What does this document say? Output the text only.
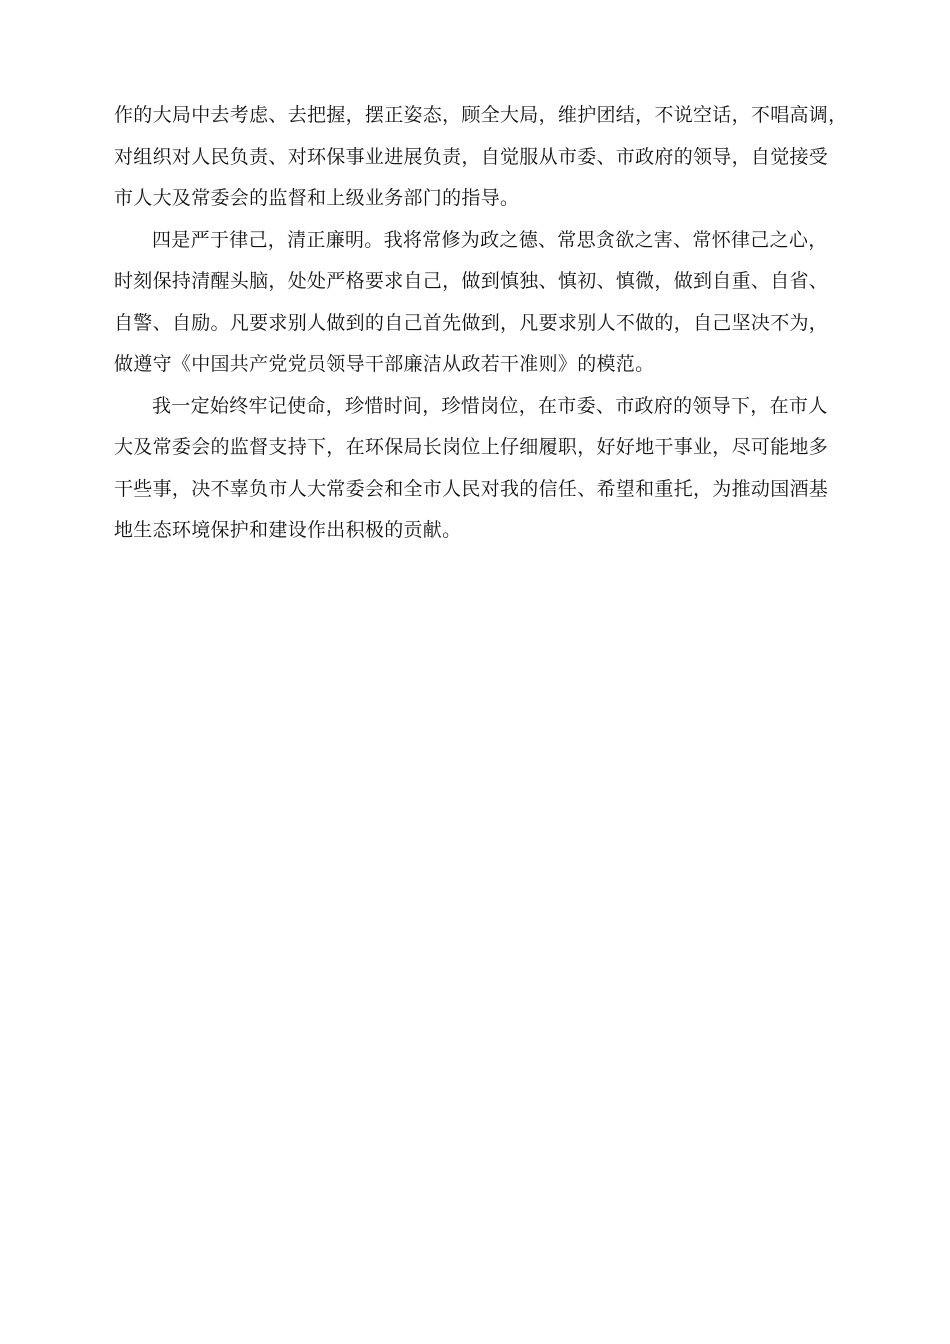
作的大局中去考虑、去把握，摆正姿态，顾全大局，维护团结，不说空话，不唱高调，
对组织对人民负责、对环保事业进展负责，自觉服从市委、市政府的领导，自觉接受
市人大及常委会的监督和上级业务部门的指导。

四是严于律己，清正廉明。我将常修为政之德、常思贪欲之害、常怀律己之心，
时刻保持清醒头脑，处处严格要求自己，做到慎独、慎初、慎微，做到自重、自省、
自警、自励。凡要求别人做到的自己首先做到，凡要求别人不做的，自己坚决不为，
做遵守《中国共产党党员领导干部廉洁从政若干准则》的模范。

我一定始终牢记使命，珍惜时间，珍惜岗位，在市委、市政府的领导下，在市人
大及常委会的监督支持下，在环保局长岗位上仔细履职，好好地干事业，尽可能地多
干些事，决不辜负市人大常委会和全市人民对我的信任、希望和重托，为推动国酒基
地生态环境保护和建设作出积极的贡献。
